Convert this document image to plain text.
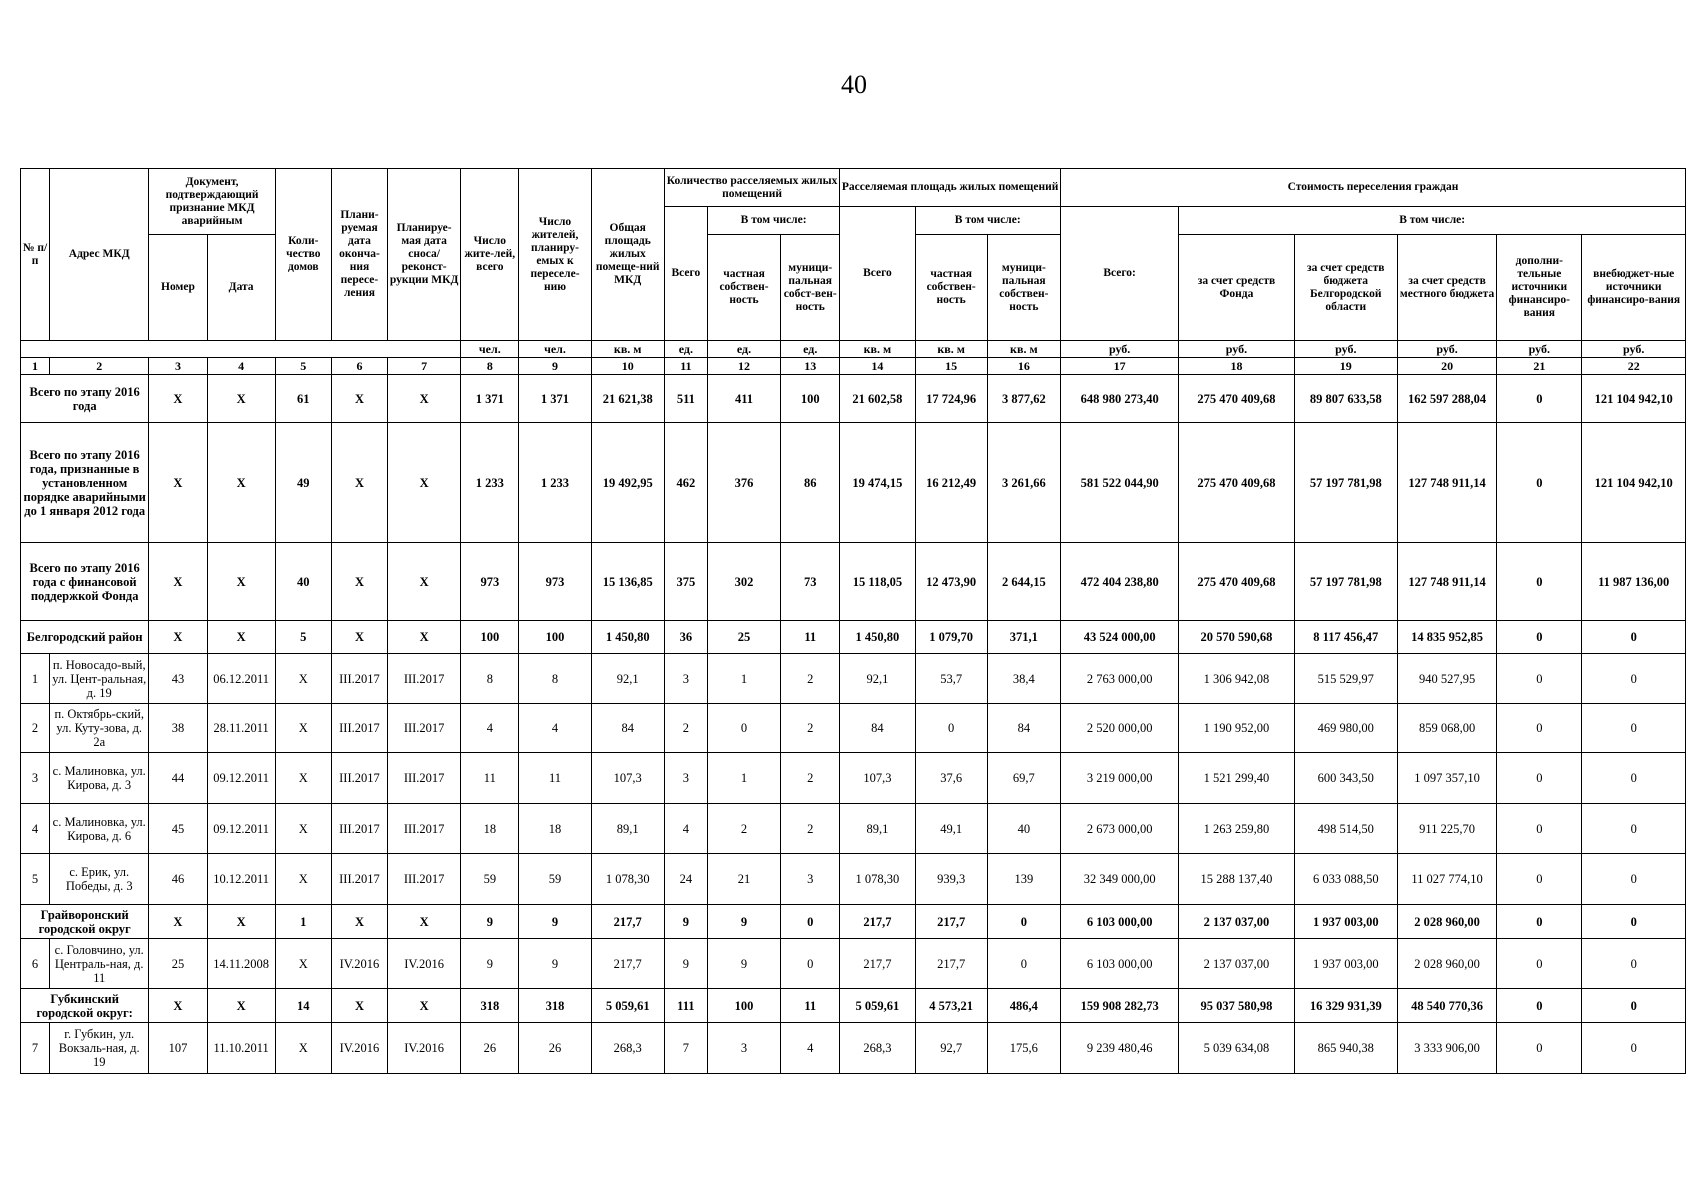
40
№ п/п	Адрес МКД	Документ, подтверждающий признание МКД аварийным		Коли-чество домов	Плани-руемая дата оконча-ния пересе-ления	Планируе-мая дата сноса/ реконст-рукции МКД	Число жите-лей, всего	Число жителей, планиру-емых к переселе-нию	Общая площадь жилых помеще-ний МКД	Количество расселяемых жилых помещений			Расселяемая площадь жилых помещений			Стоимость переселения граждан					
										Всего	В том числе:		Всего	В том числе:		Всего:	В том числе:				
		Номер	Дата								частная собствен-ность	муници-пальная собст-вен-ность		частная собствен-ность	муници-пальная собствен-ность		за счет средств Фонда	за счет средств бюджета Белгородской области	за счет средств местного бюджета	дополни-тельные источники финансиро-вания	внебюджет-ные источники финансиро-вания
							чел.	чел.	кв. м	ед.	ед.	ед.	кв. м	кв. м	кв. м	руб.	руб.	руб.	руб.	руб.	руб.
1	2	3	4	5	6	7	8	9	10	11	12	13	14	15	16	17	18	19	20	21	22
Всего по этапу 2016 года		X	X	61	X	X	1 371	1 371	21 621,38	511	411	100	21 602,58	17 724,96	3 877,62	648 980 273,40	275 470 409,68	89 807 633,58	162 597 288,04	0	121 104 942,10
Всего по этапу 2016 года, признанные в установленном порядке аварийными до 1 января 2012 года		X	X	49	X	X	1 233	1 233	19 492,95	462	376	86	19 474,15	16 212,49	3 261,66	581 522 044,90	275 470 409,68	57 197 781,98	127 748 911,14	0	121 104 942,10
Всего по этапу 2016 года с финансовой поддержкой Фонда		X	X	40	X	X	973	973	15 136,85	375	302	73	15 118,05	12 473,90	2 644,15	472 404 238,80	275 470 409,68	57 197 781,98	127 748 911,14	0	11 987 136,00
Белгородский район		X	X	5	X	X	100	100	1 450,80	36	25	11	1 450,80	1 079,70	371,1	43 524 000,00	20 570 590,68	8 117 456,47	14 835 952,85	0	0
1	п. Новосадо-вый, ул. Цент-ральная, д. 19	43	06.12.2011	X	III.2017	III.2017	8	8	92,1	3	1	2	92,1	53,7	38,4	2 763 000,00	1 306 942,08	515 529,97	940 527,95	0	0
2	п. Октябрь-ский, ул. Куту-зова, д. 2а	38	28.11.2011	X	III.2017	III.2017	4	4	84	2	0	2	84	0	84	2 520 000,00	1 190 952,00	469 980,00	859 068,00	0	0
3	с. Малиновка, ул. Кирова, д. 3	44	09.12.2011	X	III.2017	III.2017	11	11	107,3	3	1	2	107,3	37,6	69,7	3 219 000,00	1 521 299,40	600 343,50	1 097 357,10	0	0
4	с. Малиновка, ул. Кирова, д. 6	45	09.12.2011	X	III.2017	III.2017	18	18	89,1	4	2	2	89,1	49,1	40	2 673 000,00	1 263 259,80	498 514,50	911 225,70	0	0
5	с. Ерик, ул. Победы, д. 3	46	10.12.2011	X	III.2017	III.2017	59	59	1 078,30	24	21	3	1 078,30	939,3	139	32 349 000,00	15 288 137,40	6 033 088,50	11 027 774,10	0	0
Грайворонский городской округ		X	X	1	X	X	9	9	217,7	9	9	0	217,7	217,7	0	6 103 000,00	2 137 037,00	1 937 003,00	2 028 960,00	0	0
6	с. Головчино, ул. Централь-ная, д. 11	25	14.11.2008	X	IV.2016	IV.2016	9	9	217,7	9	9	0	217,7	217,7	0	6 103 000,00	2 137 037,00	1 937 003,00	2 028 960,00	0	0
Губкинский городской округ:		X	X	14	X	X	318	318	5 059,61	111	100	11	5 059,61	4 573,21	486,4	159 908 282,73	95 037 580,98	16 329 931,39	48 540 770,36	0	0
7	г. Губкин, ул. Вокзаль-ная, д. 19	107	11.10.2011	X	IV.2016	IV.2016	26	26	268,3	7	3	4	268,3	92,7	175,6	9 239 480,46	5 039 634,08	865 940,38	3 333 906,00	0	0
